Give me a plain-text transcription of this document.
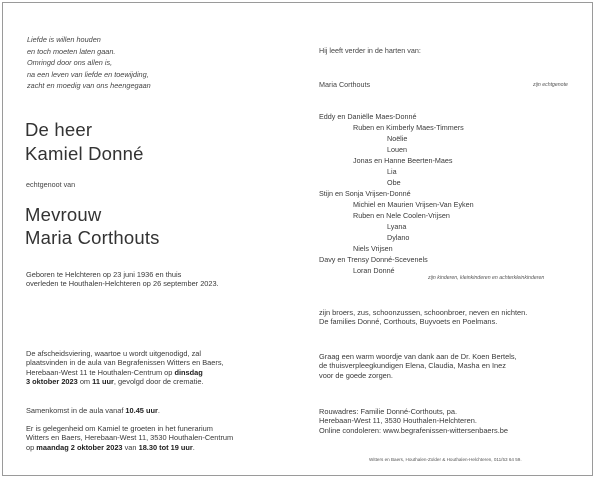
Liefde is willen houden
en toch moeten laten gaan.
Omringd door ons allen is,
na een leven van liefde en toewijding,
zacht en moedig van ons heengegaan
De heer
Kamiel Donné
echtgenoot van
Mevrouw
Maria Corthouts
Geboren te Helchteren op 23 juni 1936 en thuis
overleden te Houthalen-Helchteren op 26 september 2023.
De afscheidsviering, waartoe u wordt uitgenodigd, zal
plaatsvinden in de aula van Begrafenissen Witters en Baers,
Herebaan-West 11 te Houthalen-Centrum op dinsdag
3 oktober 2023 om 11 uur, gevolgd door de crematie.
Samenkomst in de aula vanaf 10.45 uur.
Er is gelegenheid om Kamiel te groeten in het funerarium
Witters en Baers, Herebaan-West 11, 3530 Houthalen-Centrum
op maandag 2 oktober 2023 van 18.30 tot 19 uur.
Hij leeft verder in de harten van:
Maria Corthouts	zijn echtgenote
Eddy en Daniëlle Maes-Donné
Ruben en Kimberly Maes-Timmers
Noëlie
Louen
Jonas en Hanne Beerten-Maes
Lia
Obe
Stijn en Sonja Vrijsen-Donné
Michiel en Maurien Vrijsen-Van Eyken
Ruben en Nele Coolen-Vrijsen
Lyana
Dylano
Niels Vrijsen
Davy en Trensy Donné-Scevenels
Loran Donné
zijn kinderen, kleinkinderen en achterkleinkinderen
zijn broers, zus, schoonzussen, schoonbroer, neven en nichten.
De families Donné, Corthouts, Buyvoets en Poelmans.
Graag een warm woordje van dank aan de Dr. Koen Bertels,
de thuisverpleegkundigen Elena, Claudia, Masha en Inez
voor de goede zorgen.
Rouwadres: Familie Donné-Corthouts, pa.
Herebaan-West 11, 3530 Houthalen-Helchteren.
Online condoleren: www.begrafenissen-wittersenbaers.be
Witters en Baers, Houthalen-Zolder & Houthalen-Helchteren, 011/53 64 59.
